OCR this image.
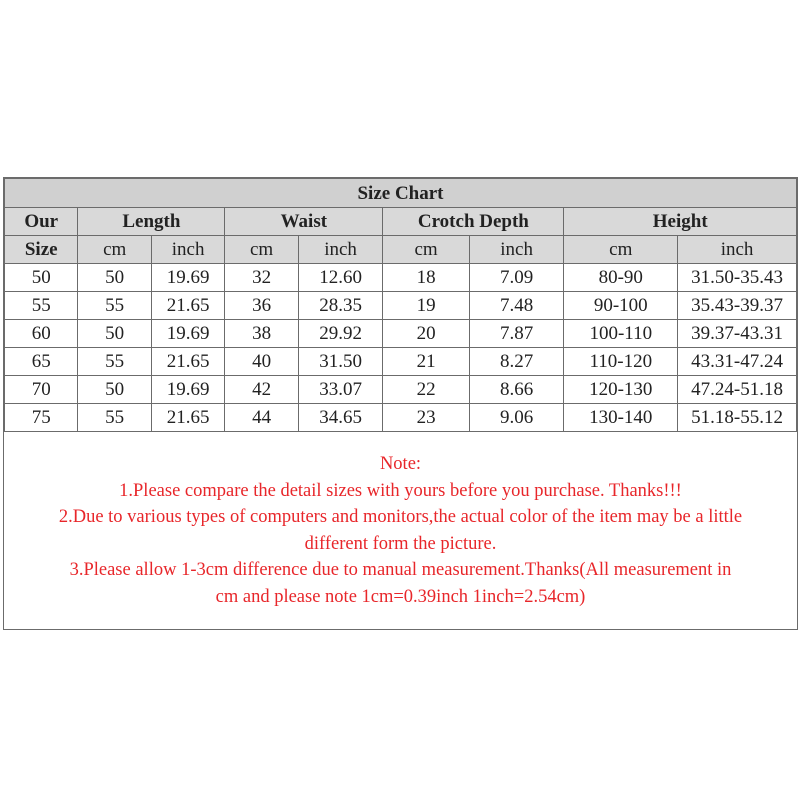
Size Chart								
Our	Length		Waist		Crotch Depth		Height	
Size	cm	inch	cm	inch	cm	inch	cm	inch
50	50	19.69	32	12.60	18	7.09	80-90	31.50-35.43
55	55	21.65	36	28.35	19	7.48	90-100	35.43-39.37
60	50	19.69	38	29.92	20	7.87	100-110	39.37-43.31
65	55	21.65	40	31.50	21	8.27	110-120	43.31-47.24
70	50	19.69	42	33.07	22	8.66	120-130	47.24-51.18
75	55	21.65	44	34.65	23	9.06	130-140	51.18-55.12
Note:
1.Please compare the detail sizes with yours before you purchase. Thanks!!!
2.Due to various types of computers and monitors,the actual color of the item may be a little
different form the picture.
3.Please allow 1-3cm difference due to manual measurement.Thanks(All measurement in
cm and please note 1cm=0.39inch 1inch=2.54cm)
